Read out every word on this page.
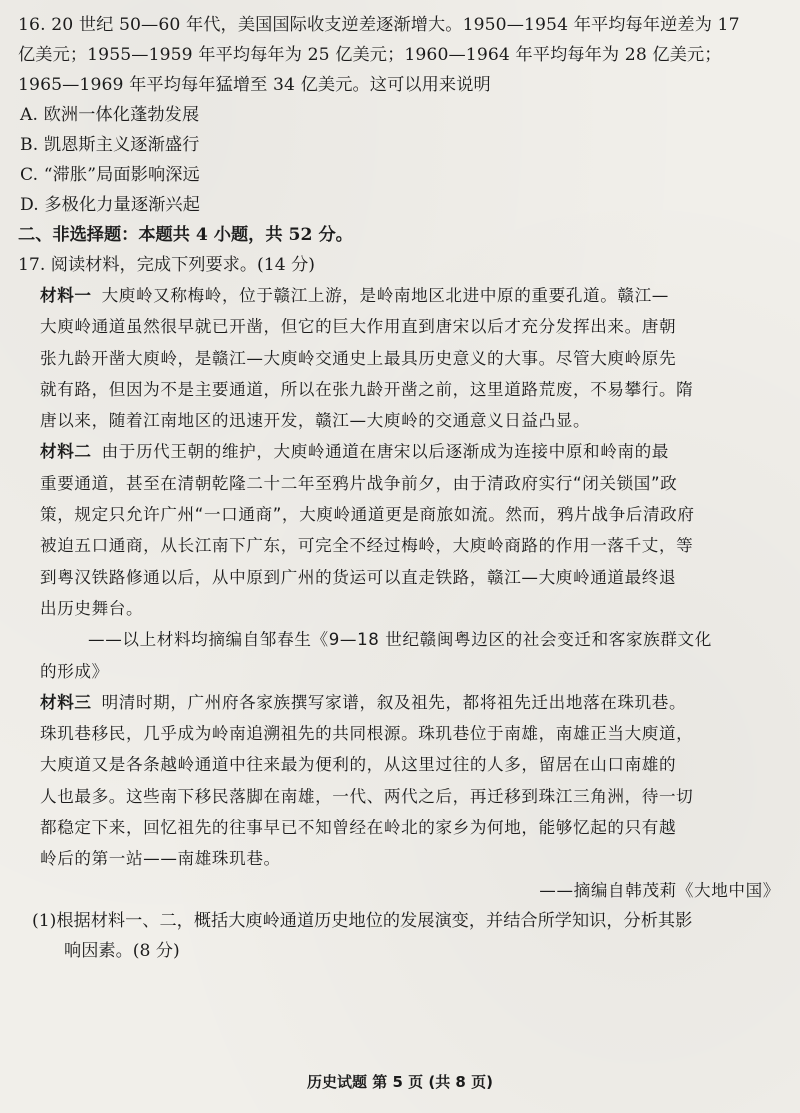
16. 20 世纪 50—60 年代，美国国际收支逆差逐渐增大。1950—1954 年平均每年逆差为 17
亿美元；1955—1959 年平均每年为 25 亿美元；1960—1964 年平均每年为 28 亿美元；
1965—1969 年平均每年猛增至 34 亿美元。这可以用来说明
A. 欧洲一体化蓬勃发展
B. 凯恩斯主义逐渐盛行
C. “滞胀”局面影响深远
D. 多极化力量逐渐兴起
二、非选择题：本题共 4 小题，共 52 分。
17. 阅读材料，完成下列要求。(14 分)
材料一 大庾岭又称梅岭，位于赣江上游，是岭南地区北进中原的重要孔道。赣江—
大庾岭通道虽然很早就已开凿，但它的巨大作用直到唐宋以后才充分发挥出来。唐朝
张九龄开凿大庾岭，是赣江—大庾岭交通史上最具历史意义的大事。尽管大庾岭原先
就有路，但因为不是主要通道，所以在张九龄开凿之前，这里道路荒废，不易攀行。隋
唐以来，随着江南地区的迅速开发，赣江—大庾岭的交通意义日益凸显。
材料二 由于历代王朝的维护，大庾岭通道在唐宋以后逐渐成为连接中原和岭南的最
重要通道，甚至在清朝乾隆二十二年至鸦片战争前夕，由于清政府实行“闭关锁国”政
策，规定只允许广州“一口通商”，大庾岭通道更是商旅如流。然而，鸦片战争后清政府
被迫五口通商，从长江南下广东，可完全不经过梅岭，大庾岭商路的作用一落千丈，等
到粤汉铁路修通以后，从中原到广州的货运可以直走铁路，赣江—大庾岭通道最终退
出历史舞台。
——以上材料均摘编自邹春生《9—18 世纪赣闽粤边区的社会变迁和客家族群文化
的形成》
材料三 明清时期，广州府各家族撰写家谱，叙及祖先，都将祖先迁出地落在珠玑巷。
珠玑巷移民，几乎成为岭南追溯祖先的共同根源。珠玑巷位于南雄，南雄正当大庾道，
大庾道又是各条越岭通道中往来最为便利的，从这里过往的人多，留居在山口南雄的
人也最多。这些南下移民落脚在南雄，一代、两代之后，再迁移到珠江三角洲，待一切
都稳定下来，回忆祖先的往事早已不知曾经在岭北的家乡为何地，能够忆起的只有越
岭后的第一站——南雄珠玑巷。
——摘编自韩茂莉《大地中国》
(1)根据材料一、二，概括大庾岭通道历史地位的发展演变，并结合所学知识，分析其影
响因素。(8 分)
历史试题 第 5 页 (共 8 页)
